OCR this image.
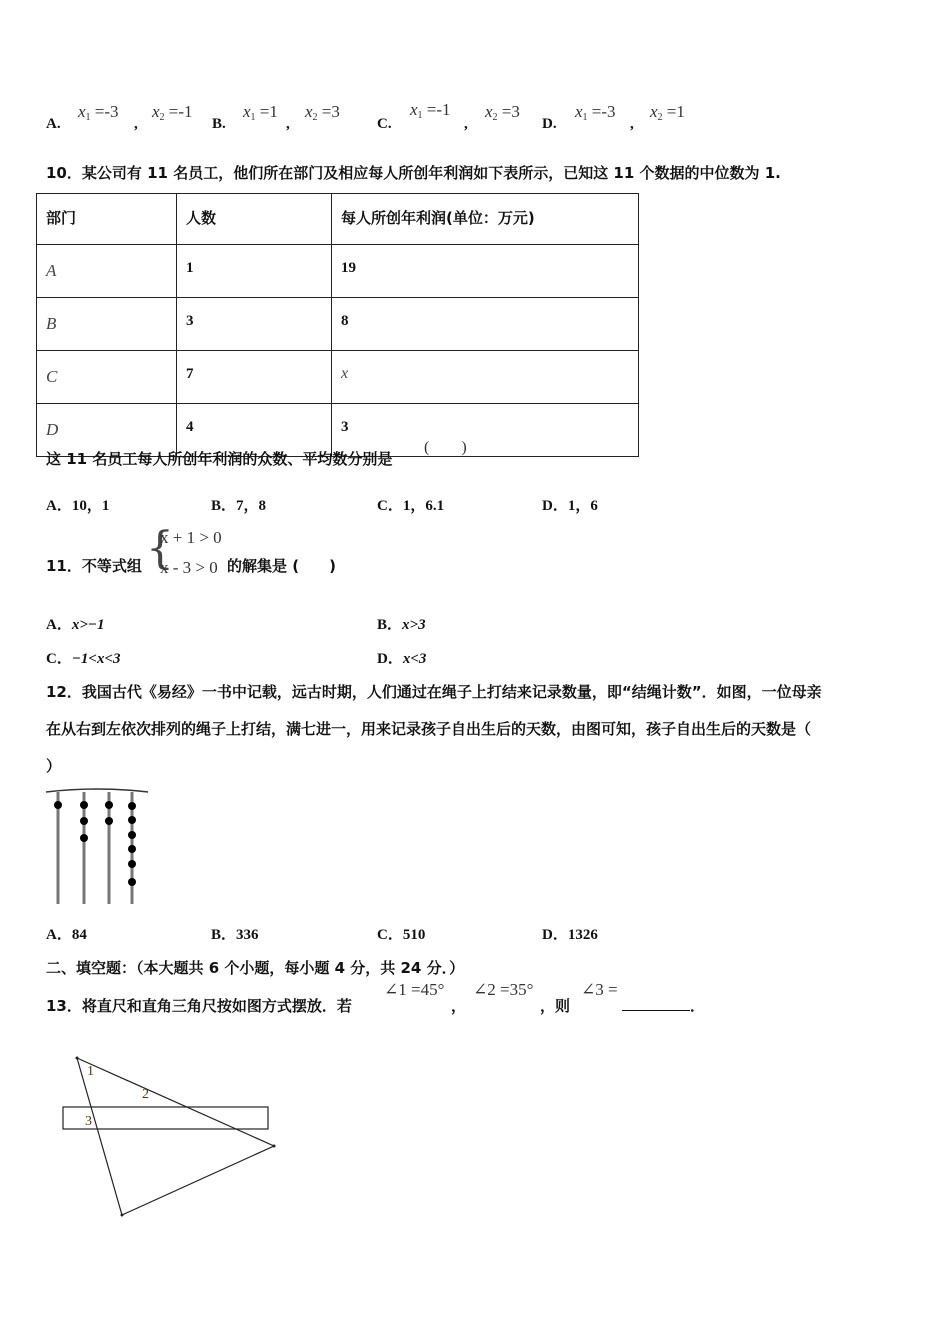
A.
$x_1 =-3$
,
$x_2 =-1$
B.
$x_1 =1$
,
$x_2 =3$
C.
$x_1 =-1$
,
$x_2 =3$
D.
$x_1 =-3$
,
$x_2 =1$
10．某公司有 11 名员工，他们所在部门及相应每人所创年利润如下表所示，已知这 11 个数据的中位数为 1.
部门	人数	每人所创年利润(单位：万元)
A	1	19
B	3	8
C	7	x
D	4	3
这 11 名员工每人所创年利润的众数、平均数分别是
(　　)
A．10，1	B．7，8	C．1，6.1	D．1，6
11．不等式组 {
x + 1 > 0
x - 3 > 0 的解集是 (　　)
A．x>−1	B．x>3
C．−1<x<3	D．x<3
12．我国古代《易经》一书中记载，远古时期，人们通过在绳子上打结来记录数量，即“结绳计数”．如图，一位母亲
在从右到左依次排列的绳子上打结，满七进一，用来记录孩子自出生后的天数，由图可知，孩子自出生后的天数是（
）
A．84	B．336	C．510	D．1326
二、填空题：（本大题共 6 个小题，每小题 4 分，共 24 分．）
13．将直尺和直角三角尺按如图方式摆放．若
∠1 =45°
，
∠2 =35°
，则
∠3 =
．
1
2
3
